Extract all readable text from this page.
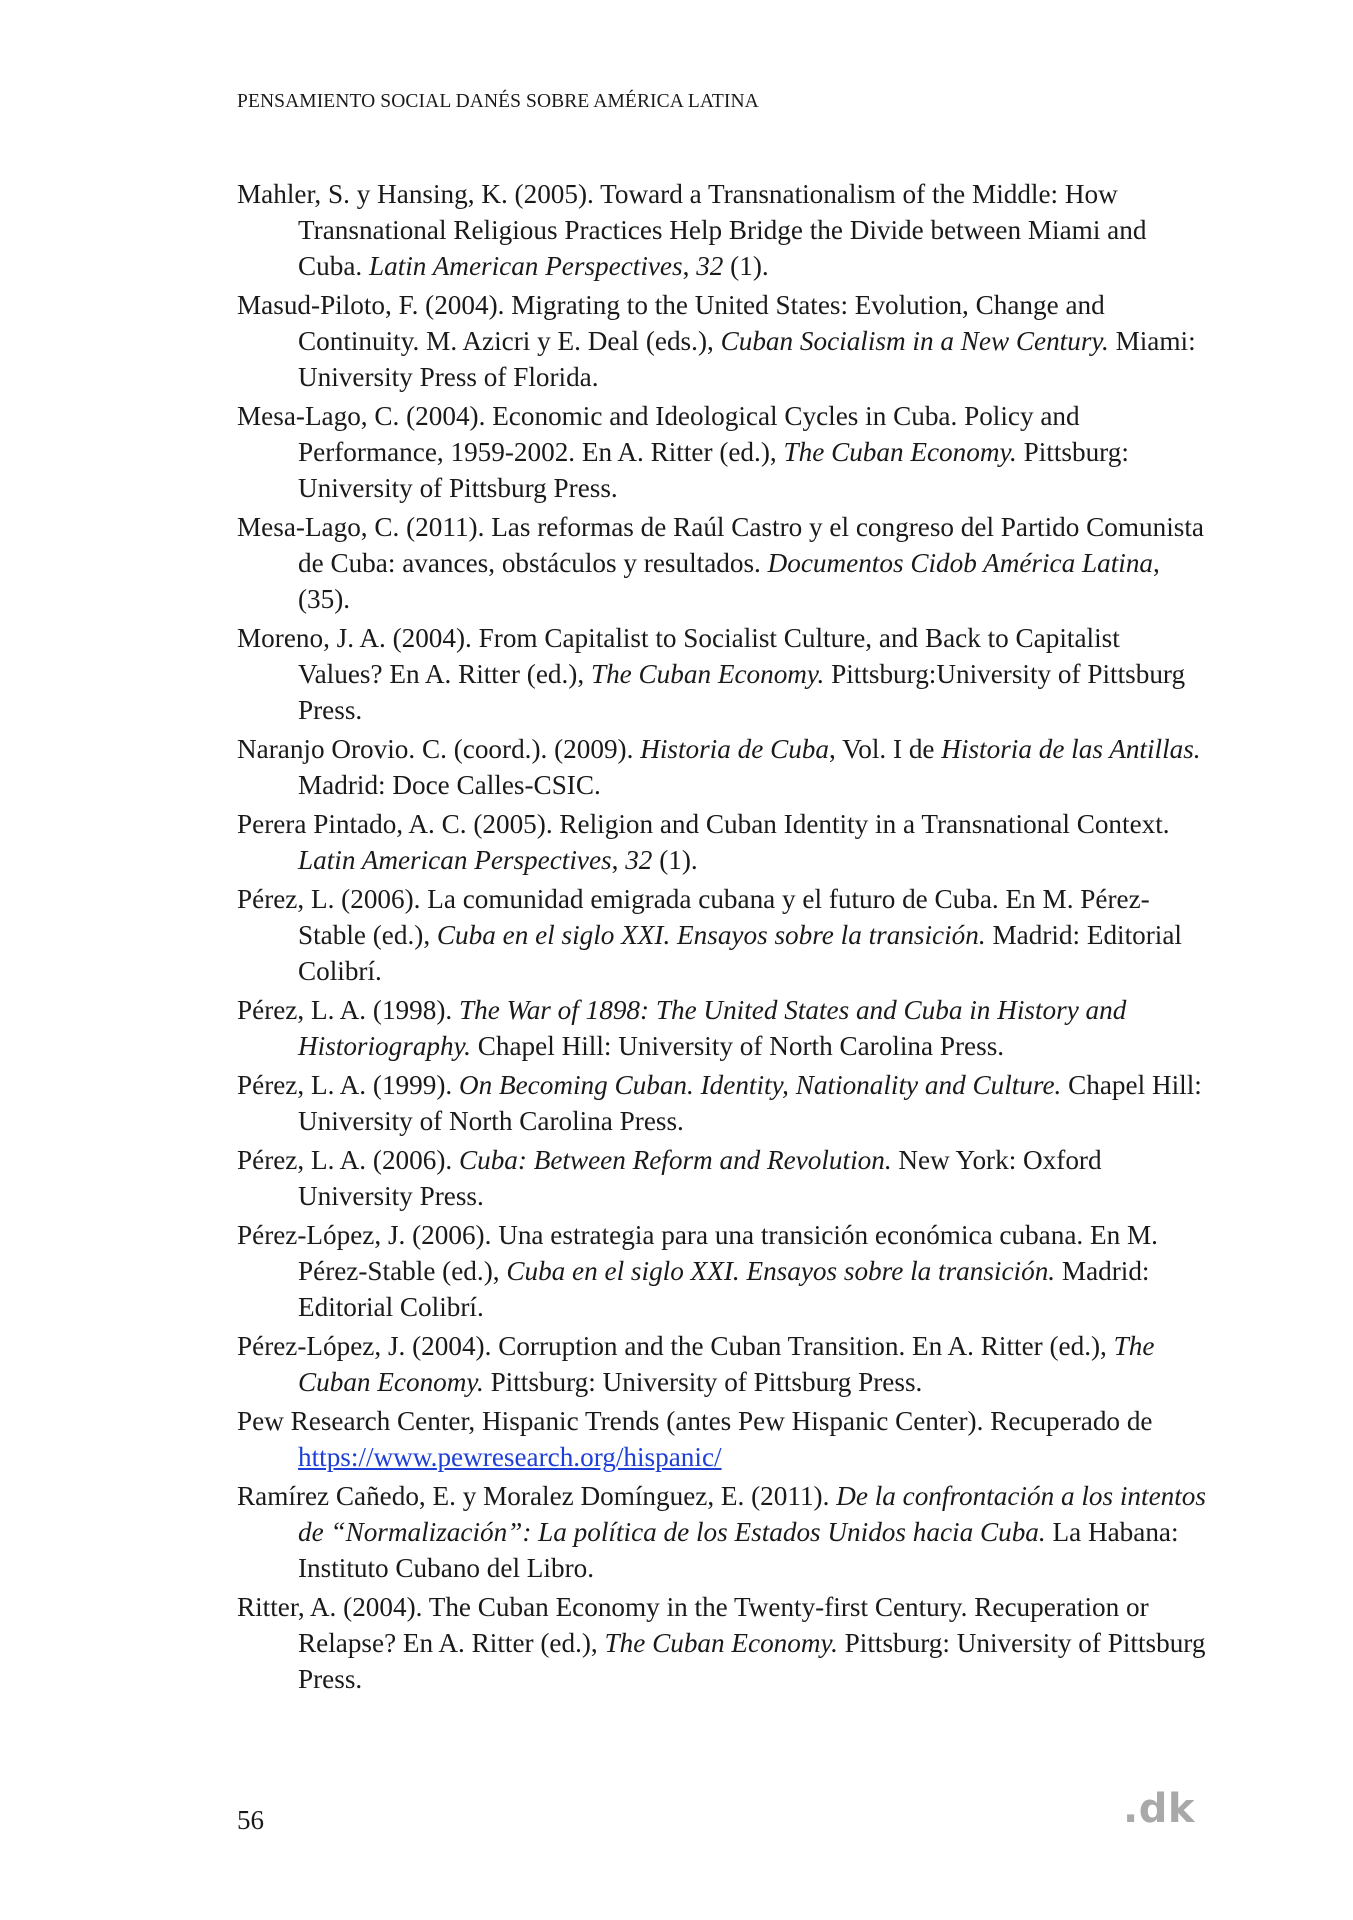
PENSAMIENTO SOCIAL DANÉS SOBRE AMÉRICA LATINA
Mahler, S. y Hansing, K. (2005). Toward a Transnationalism of the Middle: How Transnational Religious Practices Help Bridge the Divide between Miami and Cuba. Latin American Perspectives, 32 (1).
Masud-Piloto, F. (2004). Migrating to the United States: Evolution, Change and Continuity. M. Azicri y E. Deal (eds.), Cuban Socialism in a New Century. Miami: University Press of Florida.
Mesa-Lago, C. (2004). Economic and Ideological Cycles in Cuba. Policy and Performance, 1959-2002. En A. Ritter (ed.), The Cuban Economy. Pittsburg: University of Pittsburg Press.
Mesa-Lago, C. (2011). Las reformas de Raúl Castro y el congreso del Partido Comunista de Cuba: avances, obstáculos y resultados. Documentos Cidob América Latina, (35).
Moreno, J. A. (2004). From Capitalist to Socialist Culture, and Back to Capitalist Values? En A. Ritter (ed.), The Cuban Economy. Pittsburg:University of Pittsburg Press.
Naranjo Orovio. C. (coord.). (2009). Historia de Cuba, Vol. I de Historia de las Antillas. Madrid: Doce Calles-CSIC.
Perera Pintado, A. C. (2005). Religion and Cuban Identity in a Transnational Context. Latin American Perspectives, 32 (1).
Pérez, L. (2006). La comunidad emigrada cubana y el futuro de Cuba. En M. Pérez-Stable (ed.), Cuba en el siglo XXI. Ensayos sobre la transición. Madrid: Editorial Colibrí.
Pérez, L. A. (1998). The War of 1898: The United States and Cuba in History and Historiography. Chapel Hill: University of North Carolina Press.
Pérez, L. A. (1999). On Becoming Cuban. Identity, Nationality and Culture. Chapel Hill: University of North Carolina Press.
Pérez, L. A. (2006). Cuba: Between Reform and Revolution. New York: Oxford University Press.
Pérez-López, J. (2006). Una estrategia para una transición económica cubana. En M. Pérez-Stable (ed.), Cuba en el siglo XXI. Ensayos sobre la transición. Madrid: Editorial Colibrí.
Pérez-López, J. (2004). Corruption and the Cuban Transition. En A. Ritter (ed.), The Cuban Economy. Pittsburg: University of Pittsburg Press.
Pew Research Center, Hispanic Trends (antes Pew Hispanic Center). Recuperado de https://www.pewresearch.org/hispanic/
Ramírez Cañedo, E. y Moralez Domínguez, E. (2011). De la confrontación a los intentos de “Normalización”: La política de los Estados Unidos hacia Cuba. La Habana: Instituto Cubano del Libro.
Ritter, A. (2004). The Cuban Economy in the Twenty-first Century. Recuperation or Relapse? En A. Ritter (ed.), The Cuban Economy. Pittsburg: University of Pittsburg Press.
56	.dk
